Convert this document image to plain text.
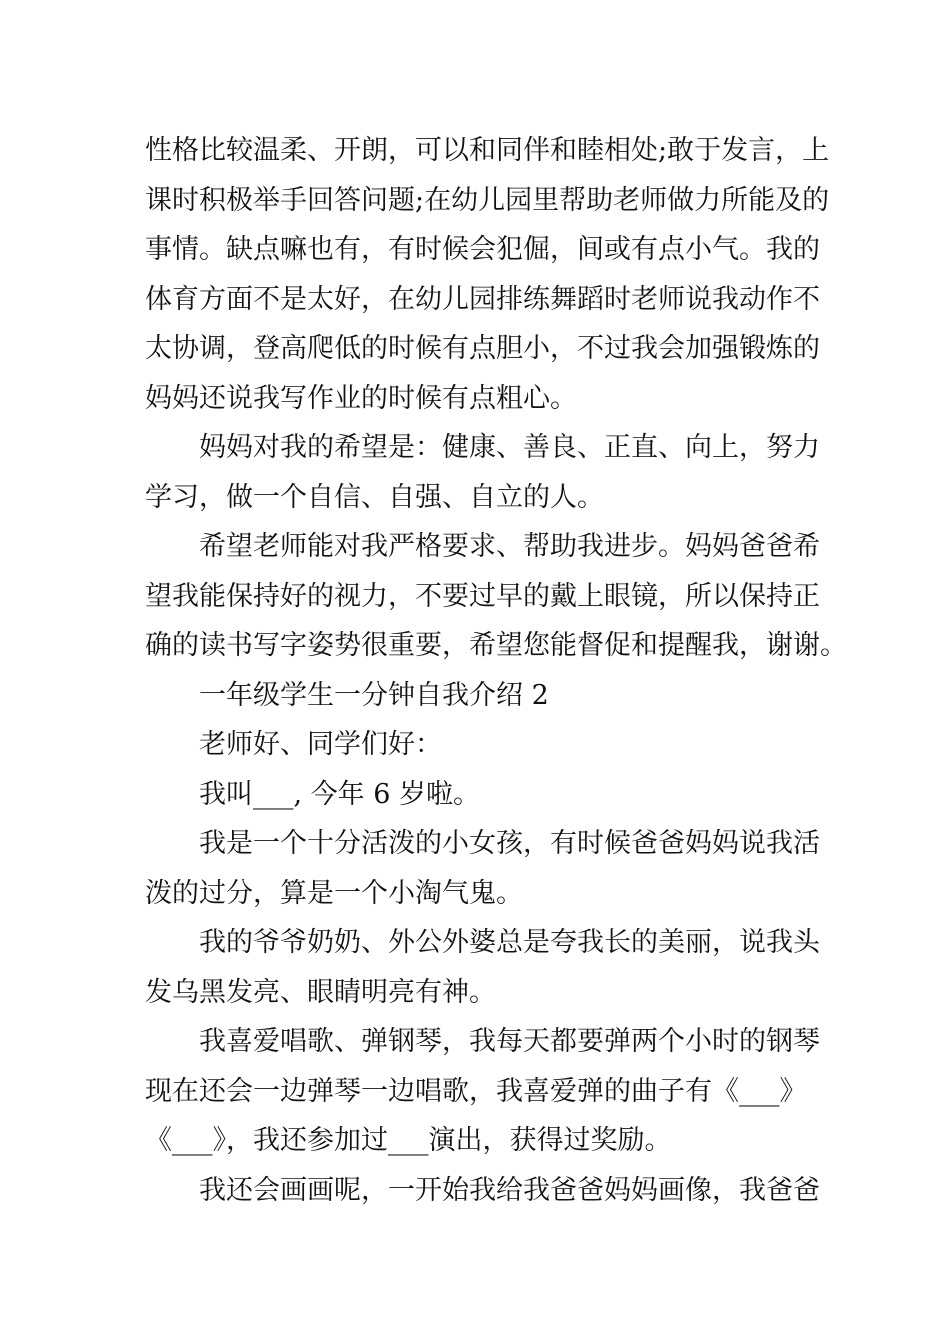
性格比较温柔、开朗，可以和同伴和睦相处;敢于发言，上

课时积极举手回答问题;在幼儿园里帮助老师做力所能及的

事情。缺点嘛也有，有时候会犯倔，间或有点小气。我的

体育方面不是太好，在幼儿园排练舞蹈时老师说我动作不

太协调，登高爬低的时候有点胆小，不过我会加强锻炼的

妈妈还说我写作业的时候有点粗心。

妈妈对我的希望是：健康、善良、正直、向上，努力

学习，做一个自信、自强、自立的人。

希望老师能对我严格要求、帮助我进步。妈妈爸爸希

望我能保持好的视力，不要过早的戴上眼镜，所以保持正

确的读书写字姿势很重要，希望您能督促和提醒我，谢谢。

一年级学生一分钟自我介绍 2

老师好、同学们好：

我叫___, 今年 6 岁啦。

我是一个十分活泼的小女孩，有时候爸爸妈妈说我活

泼的过分，算是一个小淘气鬼。

我的爷爷奶奶、外公外婆总是夸我长的美丽，说我头

发乌黑发亮、眼睛明亮有神。

我喜爱唱歌、弹钢琴，我每天都要弹两个小时的钢琴

现在还会一边弹琴一边唱歌，我喜爱弹的曲子有《___》

《___》，我还参加过___演出，获得过奖励。

我还会画画呢，一开始我给我爸爸妈妈画像，我爸爸
